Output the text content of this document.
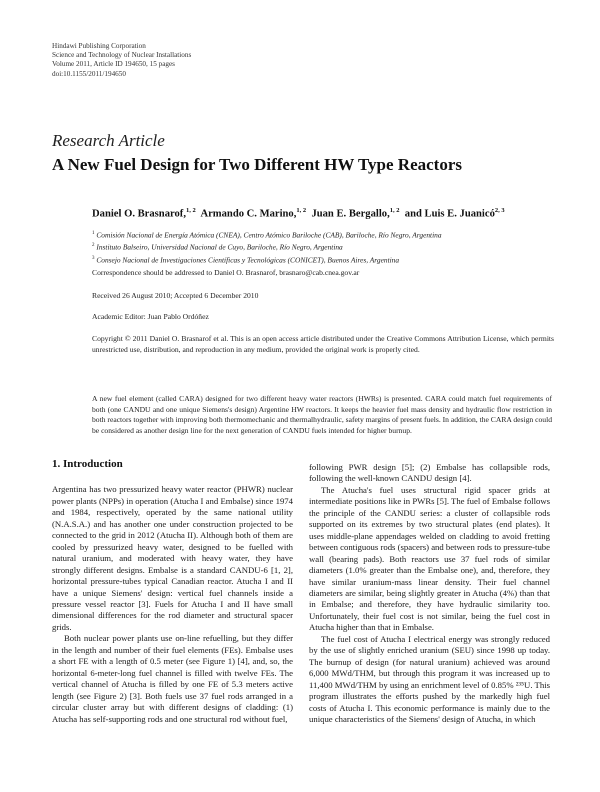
Hindawi Publishing Corporation
Science and Technology of Nuclear Installations
Volume 2011, Article ID 194650, 15 pages
doi:10.1155/2011/194650
Research Article
A New Fuel Design for Two Different HW Type Reactors
Daniel O. Brasnarof,$^{1, 2}$ Armando C. Marino,$^{1, 2}$ Juan E. Bergallo,$^{1, 2}$ and Luis E. Juanicó$^{2, 3}$
$^1$ Comisión Nacional de Energía Atómica (CNEA), Centro Atómico Bariloche (CAB), Bariloche, Río Negro, Argentina
$^2$ Instituto Balseiro, Universidad Nacional de Cuyo, Bariloche, Río Negro, Argentina
$^3$ Consejo Nacional de Investigaciones Científicas y Tecnológicas (CONICET), Buenos Aires, Argentina
Correspondence should be addressed to Daniel O. Brasnarof, brasnaro@cab.cnea.gov.ar
Received 26 August 2010; Accepted 6 December 2010
Academic Editor: Juan Pablo Ordóñez
Copyright © 2011 Daniel O. Brasnarof et al. This is an open access article distributed under the Creative Commons Attribution License, which permits unrestricted use, distribution, and reproduction in any medium, provided the original work is properly cited.
A new fuel element (called CARA) designed for two different heavy water reactors (HWRs) is presented. CARA could match fuel requirements of both (one CANDU and one unique Siemens's design) Argentine HW reactors. It keeps the heavier fuel mass density and hydraulic flow restriction in both reactors together with improving both thermomechanic and thermalhydraulic, safety margins of present fuels. In addition, the CARA design could be considered as another design line for the next generation of CANDU fuels intended for higher burnup.
1. Introduction

Argentina has two pressurized heavy water reactor (PHWR) nuclear power plants (NPPs) in operation (Atucha I and Embalse) since 1974 and 1984, respectively, operated by the same national utility (N.A.S.A.) and has another one under construction projected to be connected to the grid in 2012 (Atucha II). Although both of them are cooled by pressurized heavy water, designed to be fuelled with natural uranium, and moderated with heavy water, they have strongly different designs. Embalse is a standard CANDU-6 [1, 2], horizontal pressure-tubes typical Canadian reactor. Atucha I and II have a unique Siemens' design: vertical fuel channels inside a pressure vessel reactor [3]. Fuels for Atucha I and II have small dimensional differences for the rod diameter and structural spacer grids.

Both nuclear power plants use on-line refuelling, but they differ in the length and number of their fuel elements (FEs). Embalse uses a short FE with a length of 0.5 meter (see Figure 1) [4], and, so, the horizontal 6-meter-long fuel channel is filled with twelve FEs. The vertical channel of Atucha is filled by one FE of 5.3 meters active length (see Figure 2) [3]. Both fuels use 37 fuel rods arranged in a circular cluster array but with different designs of cladding: (1) Atucha has self-supporting rods and one structural rod without fuel,

following PWR design [5]; (2) Embalse has collapsible rods, following the well-known CANDU design [4].

The Atucha's fuel uses structural rigid spacer grids at intermediate positions like in PWRs [5]. The fuel of Embalse follows the principle of the CANDU series: a cluster of collapsible rods supported on its extremes by two structural plates (end plates). It uses middle-plane appendages welded on cladding to avoid fretting between contiguous rods (spacers) and between rods to pressure-tube wall (bearing pads). Both reactors use 37 fuel rods of similar diameters (1.0% greater than the Embalse one), and, therefore, they have similar uranium-mass linear density. Their fuel channel diameters are similar, being slightly greater in Atucha (4%) than that in Embalse; and therefore, they have hydraulic similarity too. Unfortunately, their fuel cost is not similar, being the fuel cost in Atucha higher than that in Embalse.

The fuel cost of Atucha I electrical energy was strongly reduced by the use of slightly enriched uranium (SEU) since 1998 up today. The burnup of design (for natural uranium) achieved was around 6,000 MWd/THM, but through this program it was increased up to 11,400 MWd/THM by using an enrichment level of 0.85% ²³⁵U. This program illustrates the efforts pushed by the markedly high fuel costs of Atucha I. This economic performance is mainly due to the unique characteristics of the Siemens' design of Atucha, in which
